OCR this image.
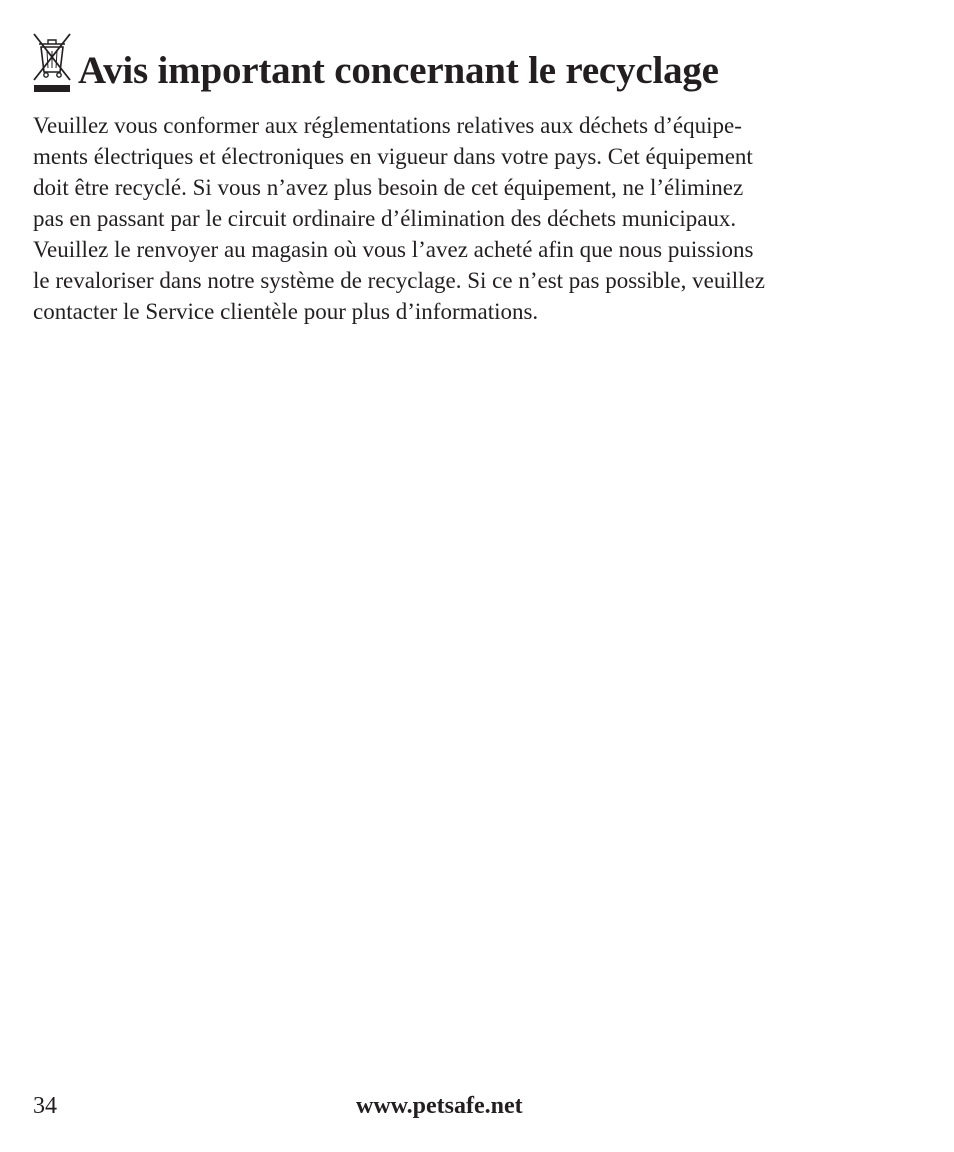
Avis important concernant le recyclage

Veuillez vous conformer aux réglementations relatives aux déchets d’équipe-
ments électriques et électroniques en vigueur dans votre pays. Cet équipement
doit être recyclé. Si vous n’avez plus besoin de cet équipement, ne l’éliminez
pas en passant par le circuit ordinaire d’élimination des déchets municipaux.
Veuillez le renvoyer au magasin où vous l’avez acheté afin que nous puissions
le revaloriser dans notre système de recyclage. Si ce n’est pas possible, veuillez
contacter le Service clientèle pour plus d’informations.

34	www.petsafe.net
